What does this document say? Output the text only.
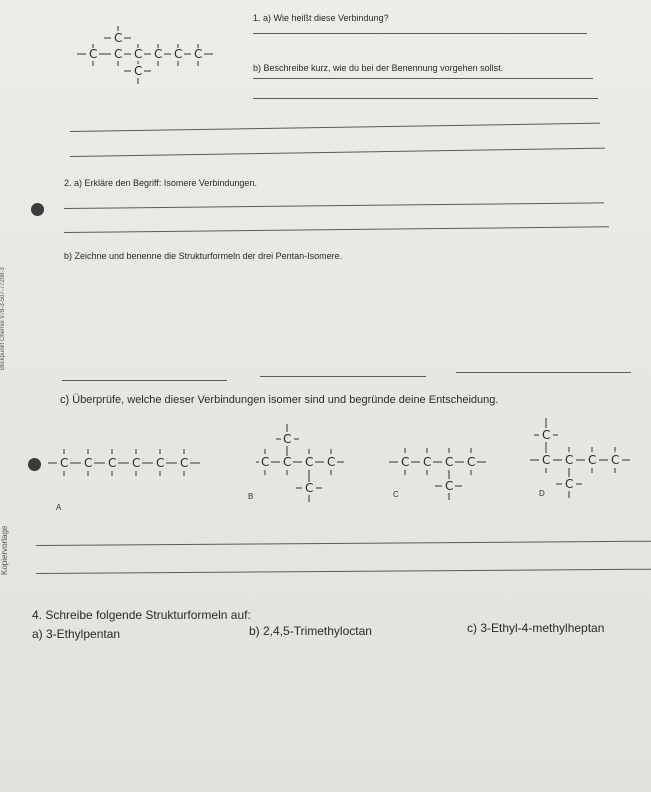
C
C C C C C
C
C
1. a) Wie heißt diese Verbindung?
b) Beschreibe kurz, wie du bei der Benennung vorgehen sollst.
2. a) Erkläre den Begriff: Isomere Verbindungen.
b) Zeichne und benenne die Strukturformeln der drei Pentan-Isomere.
c) Überprüfe, welche dieser Verbindungen isomer sind und begründe deine Entscheidung.
C C C C C C
A
C
C C C C
C
B
C C C C
C
C
C
C C C C
C
D
4. Schreibe folgende Strukturformeln auf:
a) 3-Ethylpentan	b) 2,4,5-Trimethyloctan	c) 3-Ethyl-4-methylheptan
Blickpunkt Chemie 978-3-507-77208-3
Kopiervorlage
